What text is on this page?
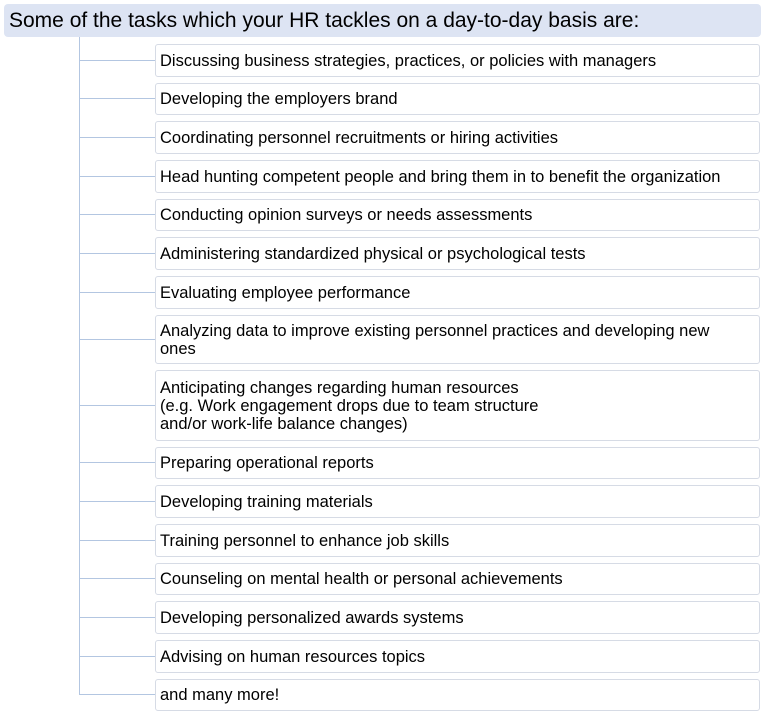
Some of the tasks which your HR tackles on a day-to-day basis are:
Discussing business strategies, practices, or policies with managers
Developing the employers brand
Coordinating personnel recruitments or hiring activities
Head hunting competent people and bring them in to benefit the organization
Conducting opinion surveys or needs assessments
Administering standardized physical or psychological tests
Evaluating employee performance
Analyzing data to improve existing personnel practices and developing new
ones
Anticipating changes regarding human resources
(e.g. Work engagement drops due to team structure
and/or work-life balance changes)
Preparing operational reports
Developing training materials
Training personnel to enhance job skills
Counseling on mental health or personal achievements
Developing personalized awards systems
Advising on human resources topics
and many more!
